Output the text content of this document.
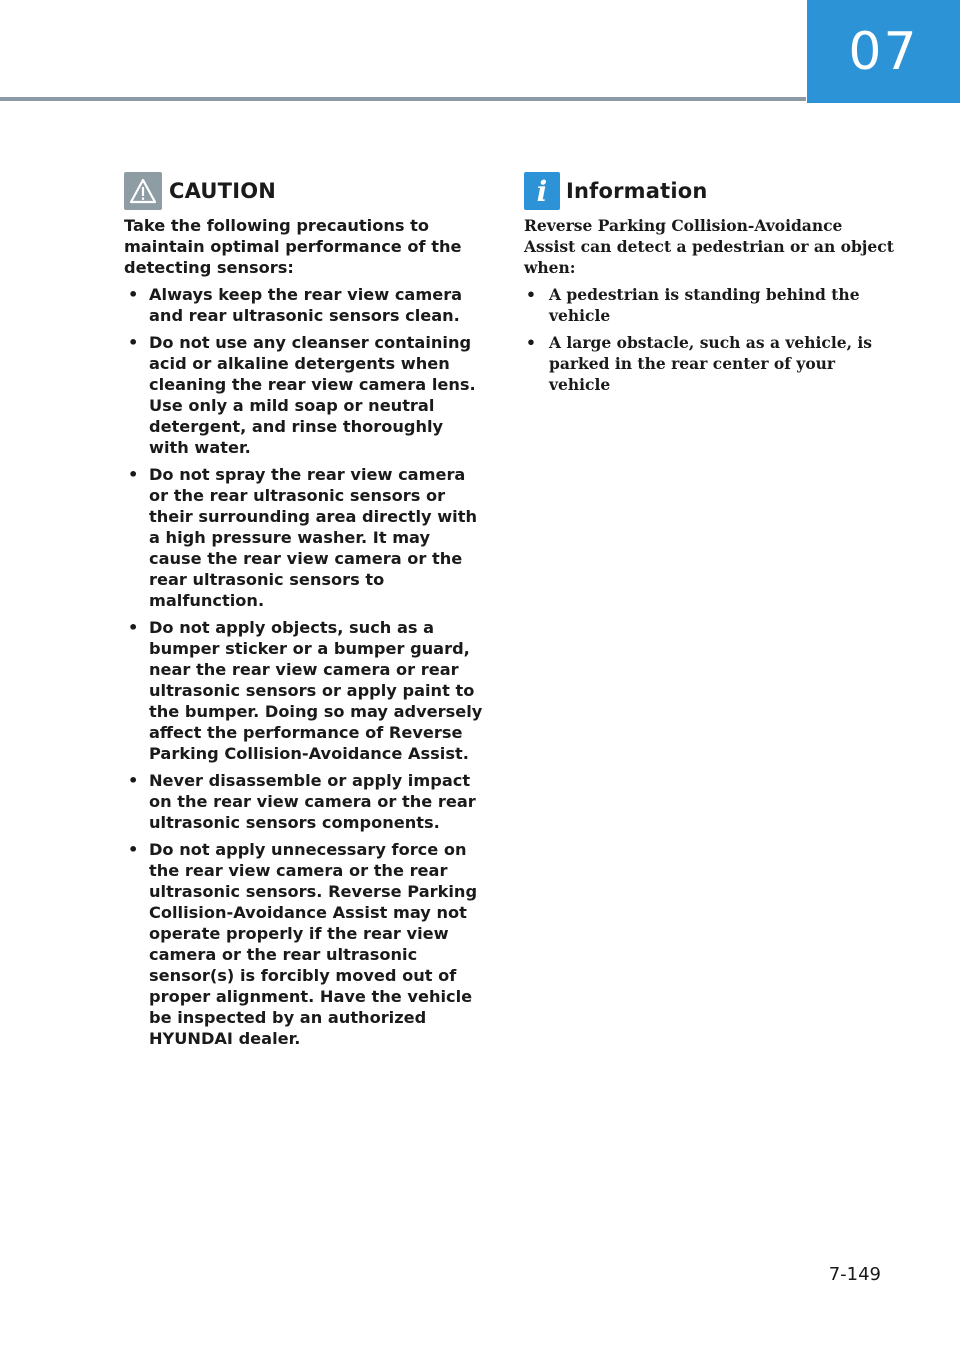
07
CAUTION

Take the following precautions to maintain optimal performance of the detecting sensors:

• Always keep the rear view camera and rear ultrasonic sensors clean.
• Do not use any cleanser containing acid or alkaline detergents when cleaning the rear view camera lens. Use only a mild soap or neutral detergent, and rinse thoroughly with water.
• Do not spray the rear view camera or the rear ultrasonic sensors or their surrounding area directly with a high pressure washer. It may cause the rear view camera or the rear ultrasonic sensors to malfunction.
• Do not apply objects, such as a bumper sticker or a bumper guard, near the rear view camera or rear ultrasonic sensors or apply paint to the bumper. Doing so may adversely affect the performance of Reverse Parking Collision-Avoidance Assist.
• Never disassemble or apply impact on the rear view camera or the rear ultrasonic sensors components.
• Do not apply unnecessary force on the rear view camera or the rear ultrasonic sensors. Reverse Parking Collision-Avoidance Assist may not operate properly if the rear view camera or the rear ultrasonic sensor(s) is forcibly moved out of proper alignment. Have the vehicle be inspected by an authorized HYUNDAI dealer.
i Information

Reverse Parking Collision-Avoidance Assist can detect a pedestrian or an object when:

• A pedestrian is standing behind the vehicle
• A large obstacle, such as a vehicle, is parked in the rear center of your vehicle
7-149
